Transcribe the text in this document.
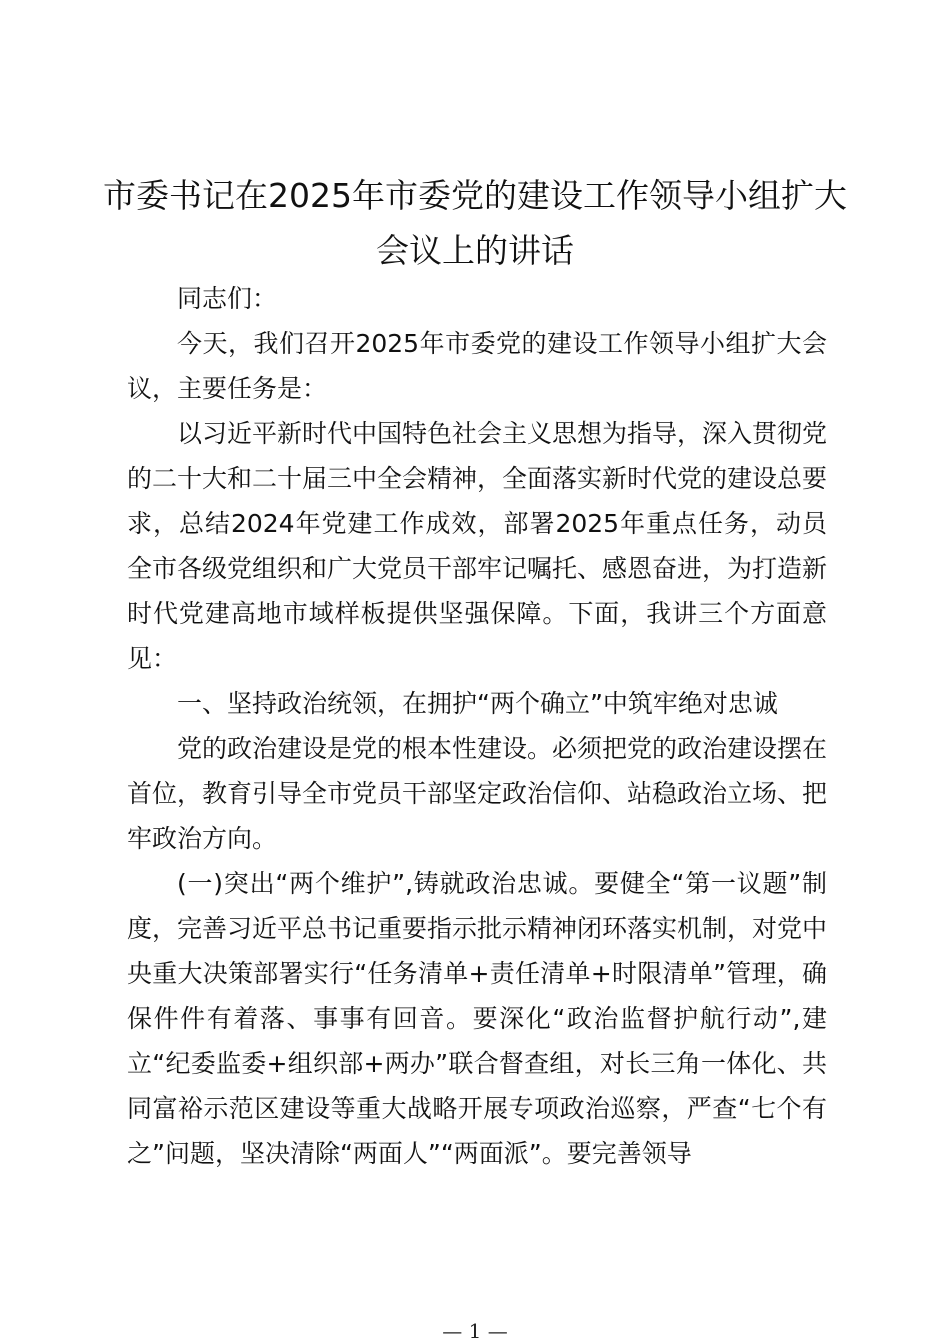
市委书记在2025年市委党的建设工作领导小组扩大会议上的讲话

同志们：

今天，我们召开2025年市委党的建设工作领导小组扩大会议，主要任务是：

以习近平新时代中国特色社会主义思想为指导，深入贯彻党的二十大和二十届三中全会精神，全面落实新时代党的建设总要求，总结2024年党建工作成效，部署2025年重点任务，动员全市各级党组织和广大党员干部牢记嘱托、感恩奋进，为打造新时代党建高地市域样板提供坚强保障。下面，我讲三个方面意见：

一、坚持政治统领，在拥护“两个确立”中筑牢绝对忠诚

党的政治建设是党的根本性建设。必须把党的政治建设摆在首位，教育引导全市党员干部坚定政治信仰、站稳政治立场、把牢政治方向。

(一)突出“两个维护”,铸就政治忠诚。要健全“第一议题”制度，完善习近平总书记重要指示批示精神闭环落实机制，对党中央重大决策部署实行“任务清单+责任清单+时限清单”管理，确保件件有着落、事事有回音。要深化“政治监督护航行动”,建立“纪委监委+组织部+两办”联合督查组，对长三角一体化、共同富裕示范区建设等重大战略开展专项政治巡察，严查“七个有之”问题，坚决清除“两面人”“两面派”。要完善领导

— 1 —
